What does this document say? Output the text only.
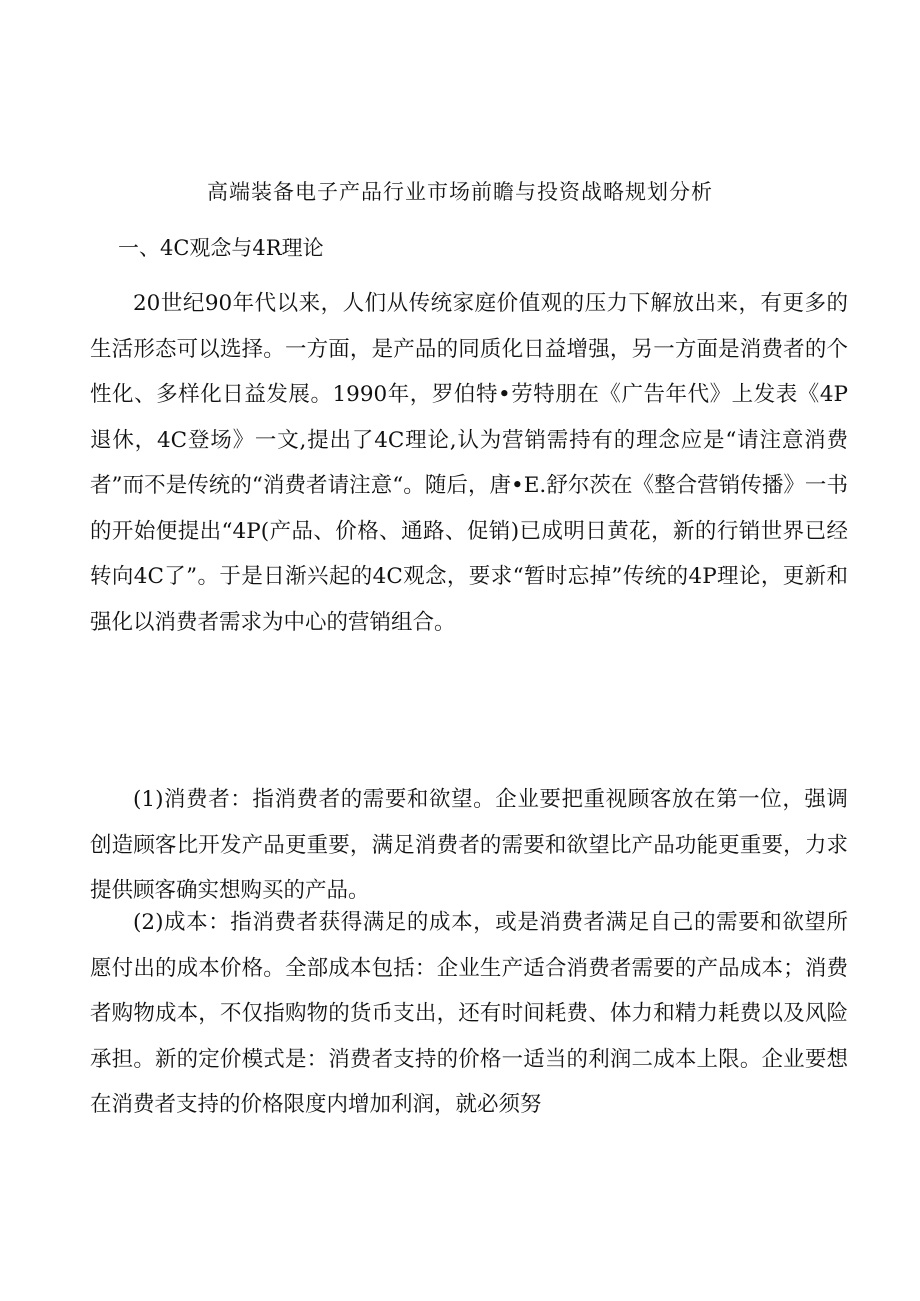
高端装备电子产品行业市场前瞻与投资战略规划分析
一、4C观念与4R理论

20世纪90年代以来，人们从传统家庭价值观的压力下解放出来，有更多的生活形态可以选择。一方面，是产品的同质化日益增强，另一方面是消费者的个性化、多样化日益发展。1990年，罗伯特•劳特朋在《广告年代》上发表《4P退休，4C登场》一文,提出了4C理论,认为营销需持有的理念应是“请注意消费者”而不是传统的“消费者请注意“。随后，唐•E.舒尔茨在《整合营销传播》一书的开始便提出“4P(产品、价格、通路、促销)已成明日黄花，新的行销世界已经转向4C了”。于是日渐兴起的4C观念，要求“暂时忘掉”传统的4P理论，更新和强化以消费者需求为中心的营销组合。

(1)消费者：指消费者的需要和欲望。企业要把重视顾客放在第一位，强调创造顾客比开发产品更重要，满足消费者的需要和欲望比产品功能更重要，力求提供顾客确实想购买的产品。

(2)成本：指消费者获得满足的成本，或是消费者满足自己的需要和欲望所愿付出的成本价格。全部成本包括：企业生产适合消费者需要的产品成本；消费者购物成本，不仅指购物的货币支出，还有时间耗费、体力和精力耗费以及风险承担。新的定价模式是：消费者支持的价格一适当的利润二成本上限。企业要想在消费者支持的价格限度内增加利润，就必须努
